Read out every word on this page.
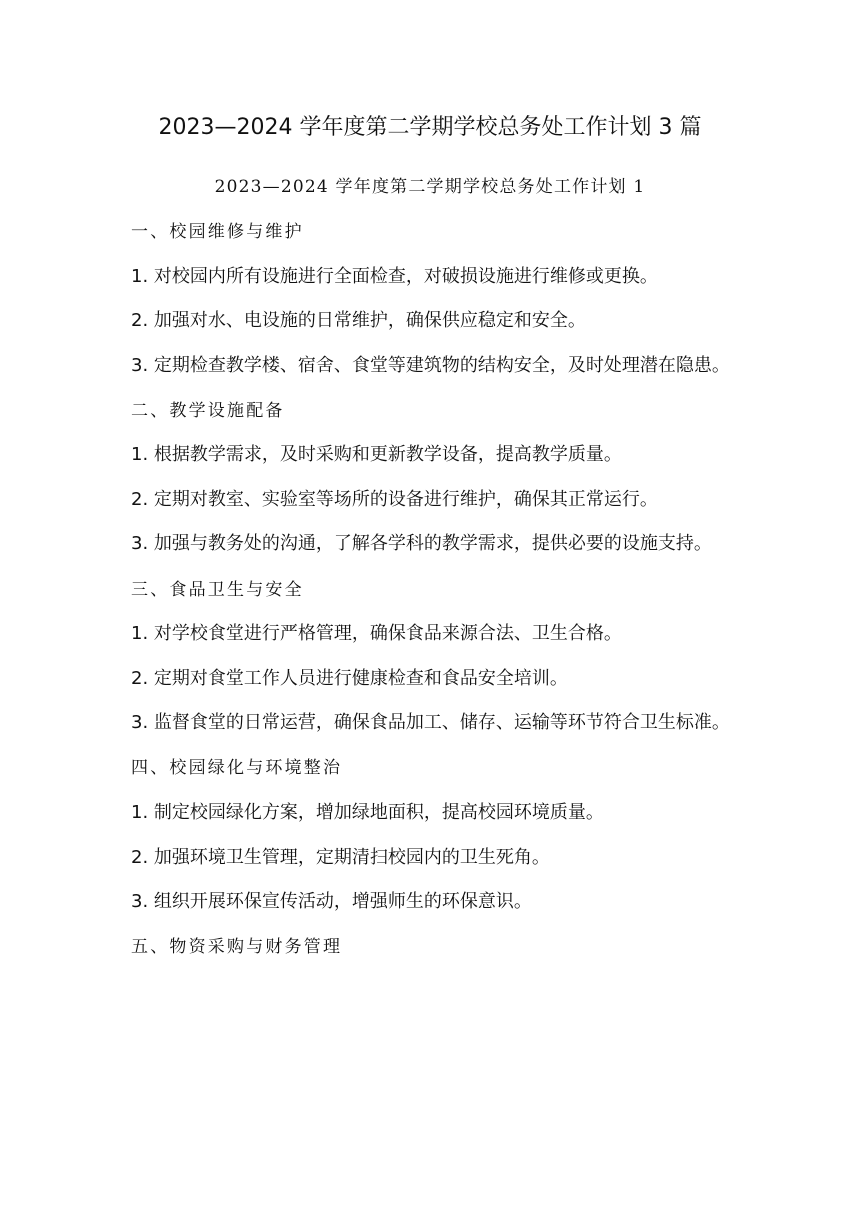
2023—2024 学年度第二学期学校总务处工作计划 3 篇
2023—2024 学年度第二学期学校总务处工作计划 1
一、校园维修与维护
1. 对校园内所有设施进行全面检查，对破损设施进行维修或更换。
2. 加强对水、电设施的日常维护，确保供应稳定和安全。
3. 定期检查教学楼、宿舍、食堂等建筑物的结构安全，及时处理潜在隐患。
二、教学设施配备
1. 根据教学需求，及时采购和更新教学设备，提高教学质量。
2. 定期对教室、实验室等场所的设备进行维护，确保其正常运行。
3. 加强与教务处的沟通，了解各学科的教学需求，提供必要的设施支持。
三、食品卫生与安全
1. 对学校食堂进行严格管理，确保食品来源合法、卫生合格。
2. 定期对食堂工作人员进行健康检查和食品安全培训。
3. 监督食堂的日常运营，确保食品加工、储存、运输等环节符合卫生标准。
四、校园绿化与环境整治
1. 制定校园绿化方案，增加绿地面积，提高校园环境质量。
2. 加强环境卫生管理，定期清扫校园内的卫生死角。
3. 组织开展环保宣传活动，增强师生的环保意识。
五、物资采购与财务管理
